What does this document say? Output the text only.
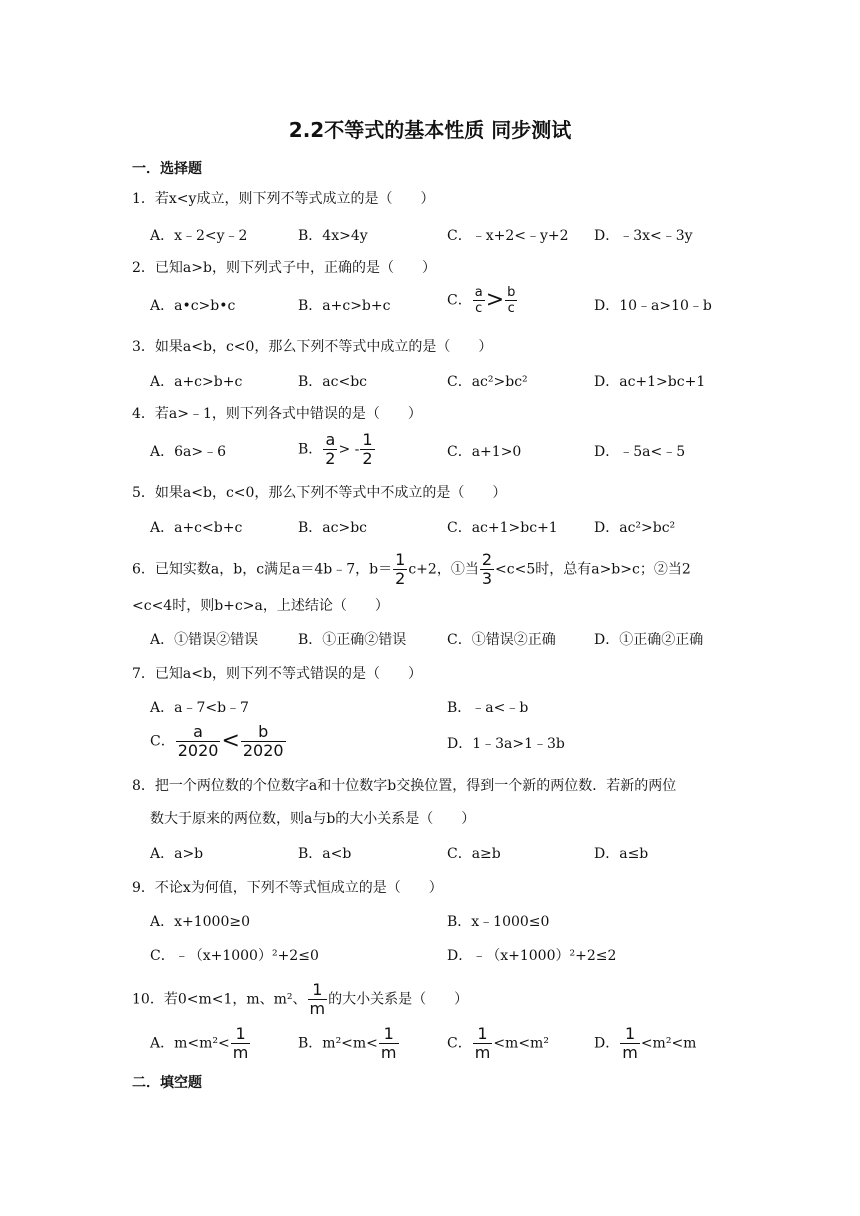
2.2不等式的基本性质 同步测试
一．选择题
1．若x<y成立，则下列不等式成立的是（　　）
A．x﹣2<y﹣2	B．4x>4y	C．﹣x+2<﹣y+2 D．﹣3x<﹣3y
2．已知a>b，则下列式子中，正确的是（　　）
A．a•c>b•c	B．a+c>b+c	C． $\frac{a}{c} > \frac{b}{c}$	D．10﹣a>10﹣b
3．如果a<b，c<0，那么下列不等式中成立的是（　　）
A．a+c>b+c	B．ac<bc	C．ac²>bc²	D．ac+1>bc+1
4．若a>﹣1，则下列各式中错误的是（　　）
A．6a>﹣6	B． $\frac{a}{2}$ > - $\frac{1}{2}$	C．a+1>0	D．﹣5a<﹣5
5．如果a<b，c<0，那么下列不等式中不成立的是（　　）
A．a+c<b+c	B．ac>bc	C．ac+1>bc+1	D．ac²>bc²
6．已知实数a，b，c满足a＝4b﹣7，$b= \frac{1}{2} c+2$，①当 $\frac{2}{3} <c<5$时，总有a>b>c；②当2
<c<4时，则b+c>a，上述结论（　　）
A．①错误②错误	B．①正确②错误	C．①错误②正确	D．①正确②正确
7．已知a<b，则下列不等式错误的是（　　）
A．a﹣7<b﹣7	B．﹣a<﹣b
C． $\frac{a}{2020} < \frac{b}{2020}$	D．1﹣3a>1﹣3b
8．把一个两位数的个位数字a和十位数字b交换位置，得到一个新的两位数．若新的两位
数大于原来的两位数，则a与b的大小关系是（　　）
A．a>b	B．a<b	C．a≥b	D．a≤b
9．不论x为何值，下列不等式恒成立的是（　　）
A．x+1000≥0	B．x﹣1000≤0
C．﹣（x+1000）²+2≤0	D．﹣（x+1000）²+2≤2
10．若0<m<1，m、m²、 $\frac{1}{m}$ 的大小关系是（　　）
A．$m<m^2< \frac{1}{m}$	B．$m^2<m< \frac{1}{m}$	C． $\frac{1}{m} <m<m^2$	D． $\frac{1}{m} <m^2<m$
二．填空题
